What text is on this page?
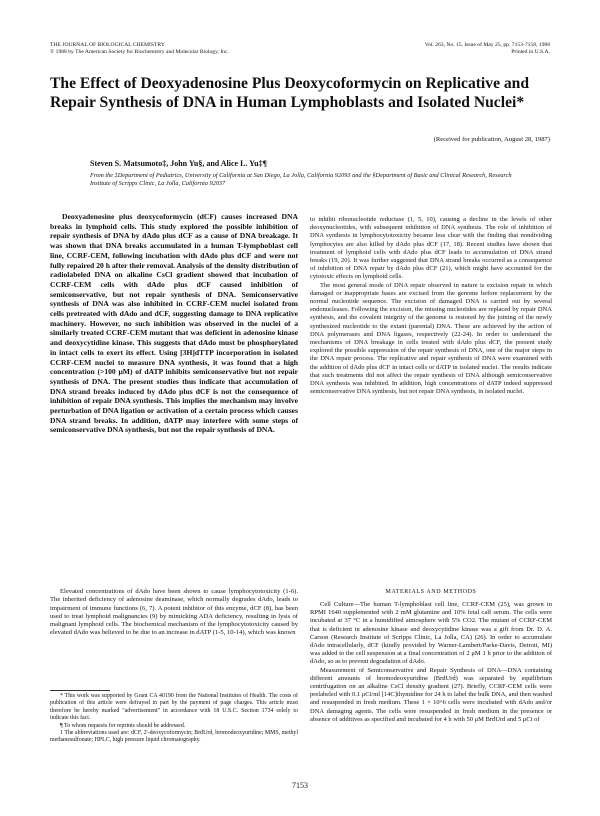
THE JOURNAL OF BIOLOGICAL CHEMISTRY
© 1988 by The American Society for Biochemistry and Molecular Biology, Inc.
Vol. 263, No. 15, Issue of May 25, pp. 7153-7158, 1988
Printed in U.S.A.
The Effect of Deoxyadenosine Plus Deoxycoformycin on Replicative and Repair Synthesis of DNA in Human Lymphoblasts and Isolated Nuclei*
(Received for publication, August 28, 1987)
Steven S. Matsumoto‡, John Yu§, and Alice L. Yu‡¶
From the ‡Department of Pediatrics, University of California at San Diego, La Jolla, California 92093 and the §Department of Basic and Clinical Research, Research Institute of Scripps Clinic, La Jolla, California 92037
Deoxyadenosine plus deoxycoformycin (dCF) causes increased DNA breaks in lymphoid cells. This study explored the possible inhibition of repair synthesis of DNA by dAdo plus dCF as a cause of DNA breakage. It was shown that DNA breaks accumulated in a human T-lymphoblast cell line, CCRF-CEM, following incubation with dAdo plus dCF and were not fully repaired 20 h after their removal. Analysis of the density distribution of radiolabeled DNA on alkaline CsCl gradient showed that incubation of CCRF-CEM cells with dAdo plus dCF caused inhibition of semiconservative, but not repair synthesis of DNA. Semiconservative synthesis of DNA was also inhibited in CCRF-CEM nuclei isolated from cells pretreated with dAdo and dCF, suggesting damage to DNA replicative machinery. However, no such inhibition was observed in the nuclei of a similarly treated CCRF-CEM mutant that was deficient in adenosine kinase and deoxycytidine kinase. This suggests that dAdo must be phosphorylated in intact cells to exert its effect. Using [3H]dTTP incorporation in isolated CCRF-CEM nuclei to measure DNA synthesis, it was found that a high concentration (>100 μM) of dATP inhibits semiconservative but not repair synthesis of DNA. The present studies thus indicate that accumulation of DNA strand breaks induced by dAdo plus dCF is not the consequence of inhibition of repair DNA synthesis. This implies the mechanism may involve perturbation of DNA ligation or activation of a certain process which causes DNA strand breaks. In addition, dATP may interfere with some steps of semiconservative DNA synthesis, but not the repair synthesis of DNA.

to inhibit ribonucleotide reductase (1, 5, 10), causing a decline in the levels of other deoxynucleotides, with subsequent inhibition of DNA synthesis. The role of inhibition of DNA synthesis in lymphocytotoxicity became less clear with the finding that nondividing lymphocytes are also killed by dAdo plus dCF (17, 18). Recent studies have shown that treatment of lymphoid cells with dAdo plus dCF leads to accumulation of DNA strand breaks (19, 20). It was further suggested that DNA strand breaks occurred as a consequence of inhibition of DNA repair by dAdo plus dCF (21), which might have accounted for the cytotoxic effects on lymphoid cells.

The most general mode of DNA repair observed in nature is excision repair in which damaged or inappropriate bases are excised from the genome before replacement by the normal nucleotide sequence. The excision of damaged DNA is carried out by several endonucleases. Following the excision, the missing nucleotides are replaced by repair DNA synthesis, and the covalent integrity of the genome is restored by the joining of the newly synthesized nucleotide to the extant (parental) DNA. These are achieved by the action of DNA polymerases and DNA ligases, respectively (22-24). In order to understand the mechanisms of DNA breakage in cells treated with dAdo plus dCF, the present study explored the possible suppression of the repair synthesis of DNA, one of the major steps in the DNA repair process. The replicative and repair synthesis of DNA were examined with the addition of dAdo plus dCF in intact cells or dATP in isolated nuclei. The results indicate that such treatments did not affect the repair synthesis of DNA although semiconservative DNA synthesis was inhibited. In addition, high concentrations of dATP indeed suppressed semiconservative DNA synthesis, but not repair DNA synthesis, in isolated nuclei.

MATERIALS AND METHODS

Cell Culture—The human T-lymphoblast cell line, CCRF-CEM (25), was grown in RPMI 1640 supplemented with 2 mM glutamine and 10% fetal calf serum. The cells were incubated at 37 °C in a humidified atmosphere with 5% CO2. The mutant of CCRF-CEM that is deficient in adenosine kinase and deoxycytidine kinase was a gift from Dr. D. A. Carson (Research Institute of Scripps Clinic, La Jolla, CA) (26). In order to accumulate dAdo intracellularly, dCF (kindly provided by Warner-Lambert/Parke-Davis, Detroit, MI) was added to the cell suspension at a final concentration of 2 μM 1 h prior to the addition of dAdo, so as to prevent degradation of dAdo.

Measurement of Semiconservative and Repair Synthesis of DNA—DNA containing different amounts of bromodeoxyuridine (BrdUrd) was separated by equilibrium centrifugation on an alkaline CsCl density gradient (27). Briefly, CCRF-CEM cells were prelabeled with 0.1 μCi/ml [14C]thymidine for 24 h to label the bulk DNA, and then washed and resuspended in fresh medium. These 1 × 10^6 cells were incubated with dAdo and/or DNA damaging agents. The cells were resuspended in fresh medium in the presence or absence of additives as specified and incubated for 4 h with 50 μM BrdUrd and 5 μCi of

Elevated concentrations of dAdo have been shown to cause lymphocytotoxicity (1-6). The inherited deficiency of adenosine deaminase, which normally degrades dAdo, leads to impairment of immune functions (6, 7). A potent inhibitor of this enzyme, dCF (8), has been used to treat lymphoid malignancies (9) by mimicking ADA deficiency, resulting in lysis of malignant lymphoid cells. The biochemical mechanism of the lymphocytotoxicity caused by elevated dAdo was believed to be due to an increase in dATP (1-5, 10-14), which was known

* This work was supported by Grant CA 40190 from the National Institutes of Health. The costs of publication of this article were defrayed in part by the payment of page charges. This article must therefore be hereby marked "advertisement" in accordance with 18 U.S.C. Section 1734 solely to indicate this fact.

¶ To whom requests for reprints should be addressed.

1 The abbreviations used are: dCF, 2'-deoxycoformycin; BrdUrd, bromodeoxyuridine; MMS, methyl methanesulfonate; HPLC, high pressure liquid chromatography.

7153
